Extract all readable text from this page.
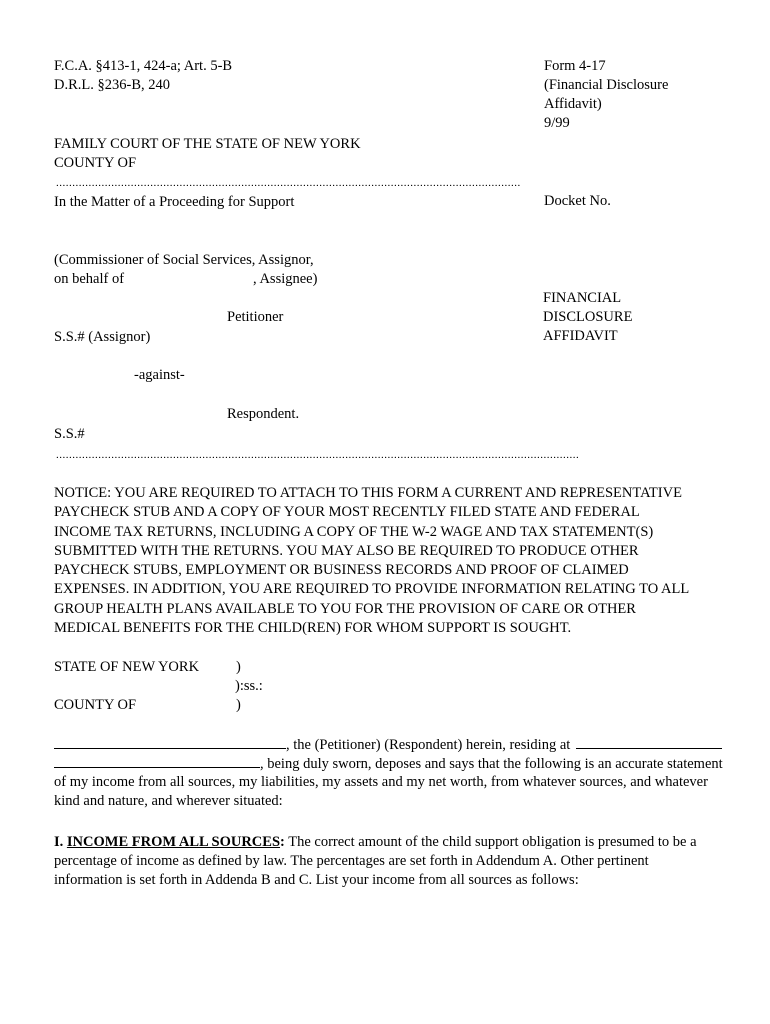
F.C.A. §413-1, 424-a; Art. 5-B
D.R.L. §236-B, 240
Form 4-17
(Financial Disclosure
Affidavit)
9/99
FAMILY COURT OF THE STATE OF NEW YORK
COUNTY OF
...............................................................................................................................................
In the Matter of a Proceeding for Support	Docket No.
(Commissioner of Social Services, Assignor,
on behalf of	, Assignee)
FINANCIAL
Petitioner	DISCLOSURE
S.S.# (Assignor)	AFFIDAVIT
-against-
Respondent.
S.S.#
.................................................................................................................................................................
NOTICE: YOU ARE REQUIRED TO ATTACH TO THIS FORM A CURRENT AND REPRESENTATIVE
PAYCHECK STUB AND A COPY OF YOUR MOST RECENTLY FILED STATE AND FEDERAL
INCOME TAX RETURNS, INCLUDING A COPY OF THE W-2 WAGE AND TAX STATEMENT(S)
SUBMITTED WITH THE RETURNS. YOU MAY ALSO BE REQUIRED TO PRODUCE OTHER
PAYCHECK STUBS, EMPLOYMENT OR BUSINESS RECORDS AND PROOF OF CLAIMED
EXPENSES. IN ADDITION, YOU ARE REQUIRED TO PROVIDE INFORMATION RELATING TO ALL
GROUP HEALTH PLANS AVAILABLE TO YOU FOR THE PROVISION OF CARE OR OTHER
MEDICAL BENEFITS FOR THE CHILD(REN) FOR WHOM SUPPORT IS SOUGHT.
STATE OF NEW YORK	)
):ss.:
COUNTY OF	)
, the (Petitioner) (Respondent) herein, residing at
, being duly sworn, deposes and says that the following is an accurate statement
of my income from all sources, my liabilities, my assets and my net worth, from whatever sources, and whatever
kind and nature, and wherever situated:
I. INCOME FROM ALL SOURCES: The correct amount of the child support obligation is presumed to be a
percentage of income as defined by law. The percentages are set forth in Addendum A. Other pertinent
information is set forth in Addenda B and C. List your income from all sources as follows:
